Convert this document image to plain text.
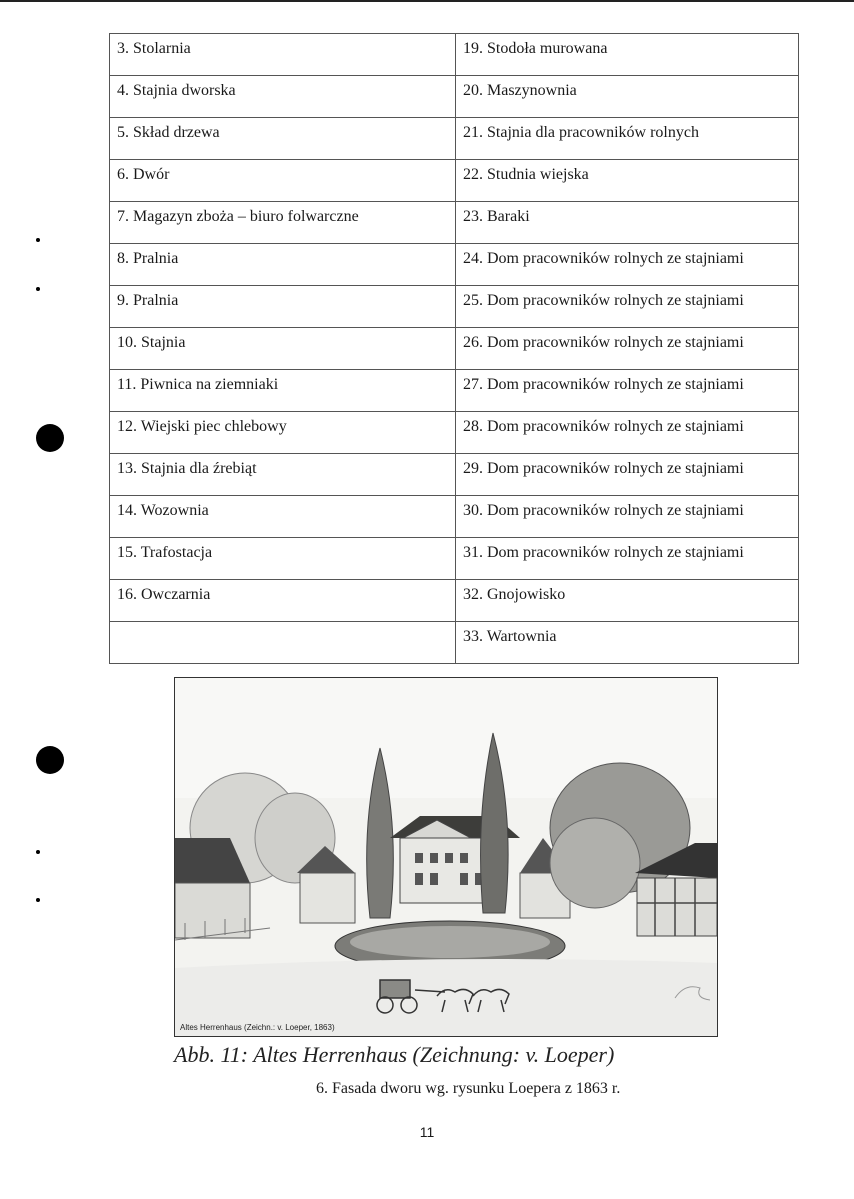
3. Stolarnia	19. Stodoła murowana
4. Stajnia dworska	20. Maszynownia
5. Skład drzewa	21. Stajnia dla pracowników rolnych
6. Dwór	22. Studnia wiejska
7. Magazyn zboża – biuro folwarczne	23. Baraki
8. Pralnia	24. Dom pracowników rolnych ze stajniami
9. Pralnia	25. Dom pracowników rolnych ze stajniami
10. Stajnia	26. Dom pracowników rolnych ze stajniami
11. Piwnica na ziemniaki	27. Dom pracowników rolnych ze stajniami
12. Wiejski piec chlebowy	28. Dom pracowników rolnych ze stajniami
13. Stajnia dla źrebiąt	29. Dom pracowników rolnych ze stajniami
14. Wozownia	30. Dom pracowników rolnych ze stajniami
15. Trafostacja	31. Dom pracowników rolnych ze stajniami
16. Owczarnia	32. Gnojowisko
	33. Wartownia
Altes Herrenhaus (Zeichn.: v. Loeper, 1863)
Abb. 11: Altes Herrenhaus (Zeichnung: v. Loeper)
6. Fasada dworu wg. rysunku Loepera z 1863 r.
11
